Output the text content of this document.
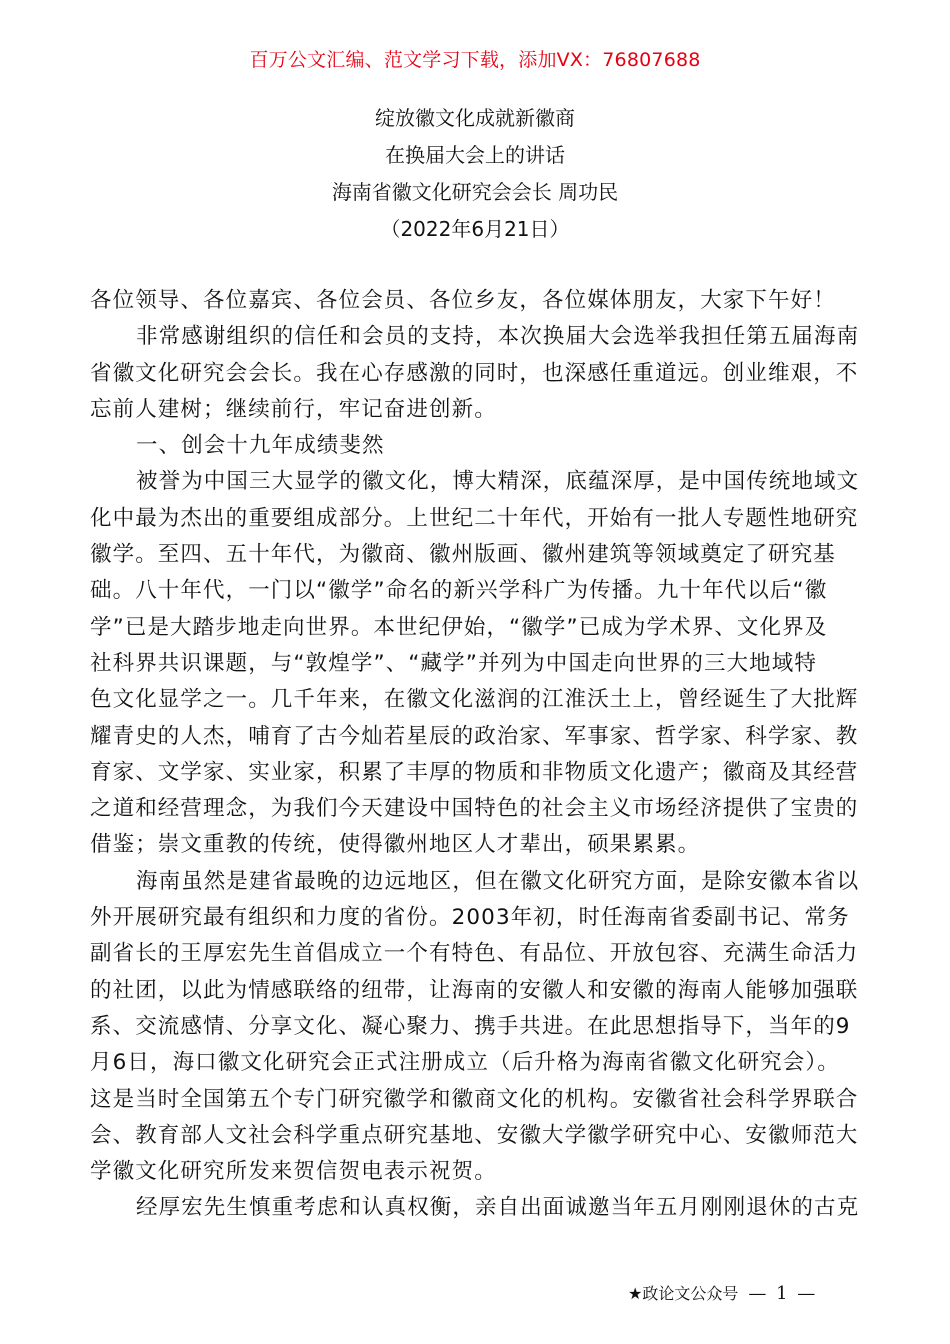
百万公文汇编、范文学习下载，添加VX：76807688
绽放徽文化成就新徽商
在换届大会上的讲话
海南省徽文化研究会会长 周功民
（2022年6月21日）
各位领导、各位嘉宾、各位会员、各位乡友，各位媒体朋友，大家下午好！
非常感谢组织的信任和会员的支持，本次换届大会选举我担任第五届海南
省徽文化研究会会长。我在心存感激的同时，也深感任重道远。创业维艰，不
忘前人建树；继续前行，牢记奋进创新。
一、创会十九年成绩斐然
被誉为中国三大显学的徽文化，博大精深，底蕴深厚，是中国传统地域文
化中最为杰出的重要组成部分。上世纪二十年代，开始有一批人专题性地研究
徽学。至四、五十年代，为徽商、徽州版画、徽州建筑等领域奠定了研究基
础。八十年代，一门以“徽学”命名的新兴学科广为传播。九十年代以后“徽
学”已是大踏步地走向世界。本世纪伊始，“徽学”已成为学术界、文化界及
社科界共识课题，与“敦煌学”、“藏学”并列为中国走向世界的三大地域特
色文化显学之一。几千年来，在徽文化滋润的江淮沃土上，曾经诞生了大批辉
耀青史的人杰，哺育了古今灿若星辰的政治家、军事家、哲学家、科学家、教
育家、文学家、实业家，积累了丰厚的物质和非物质文化遗产；徽商及其经营
之道和经营理念，为我们今天建设中国特色的社会主义市场经济提供了宝贵的
借鉴；崇文重教的传统，使得徽州地区人才辈出，硕果累累。
海南虽然是建省最晚的边远地区，但在徽文化研究方面，是除安徽本省以
外开展研究最有组织和力度的省份。2003年初，时任海南省委副书记、常务
副省长的王厚宏先生首倡成立一个有特色、有品位、开放包容、充满生命活力
的社团，以此为情感联络的纽带，让海南的安徽人和安徽的海南人能够加强联
系、交流感情、分享文化、凝心聚力、携手共进。在此思想指导下，当年的9
月6日，海口徽文化研究会正式注册成立（后升格为海南省徽文化研究会）。
这是当时全国第五个专门研究徽学和徽商文化的机构。安徽省社会科学界联合
会、教育部人文社会科学重点研究基地、安徽大学徽学研究中心、安徽师范大
学徽文化研究所发来贺信贺电表示祝贺。
经厚宏先生慎重考虑和认真权衡，亲自出面诚邀当年五月刚刚退休的古克
★政论文公众号 — 1 —
